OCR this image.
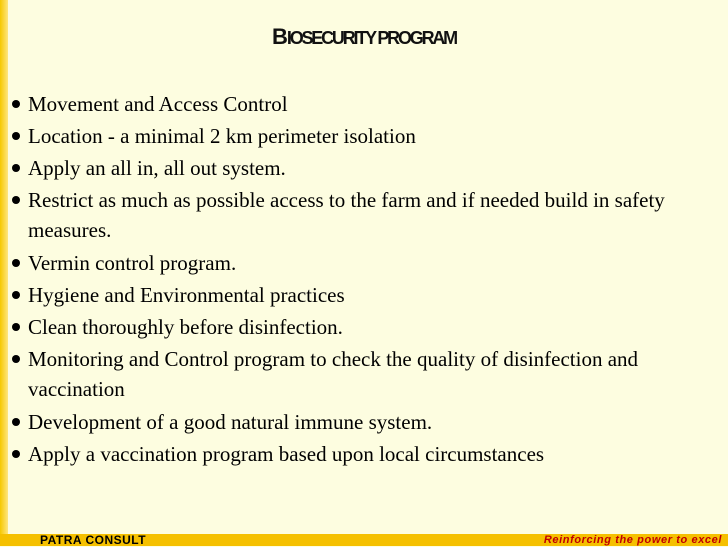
BIOSECURITY PROGRAM
Movement and Access Control
Location - a minimal 2 km perimeter isolation
Apply an all in, all out system.
Restrict as much as possible access to the farm and if needed build in safety measures.
Vermin control program.
Hygiene and Environmental practices
Clean thoroughly before disinfection.
Monitoring and Control program to check the quality of disinfection and vaccination
Development of a good natural immune system.
Apply a vaccination program based upon local circumstances
PATRA CONSULT	Reinforcing the power to excel
